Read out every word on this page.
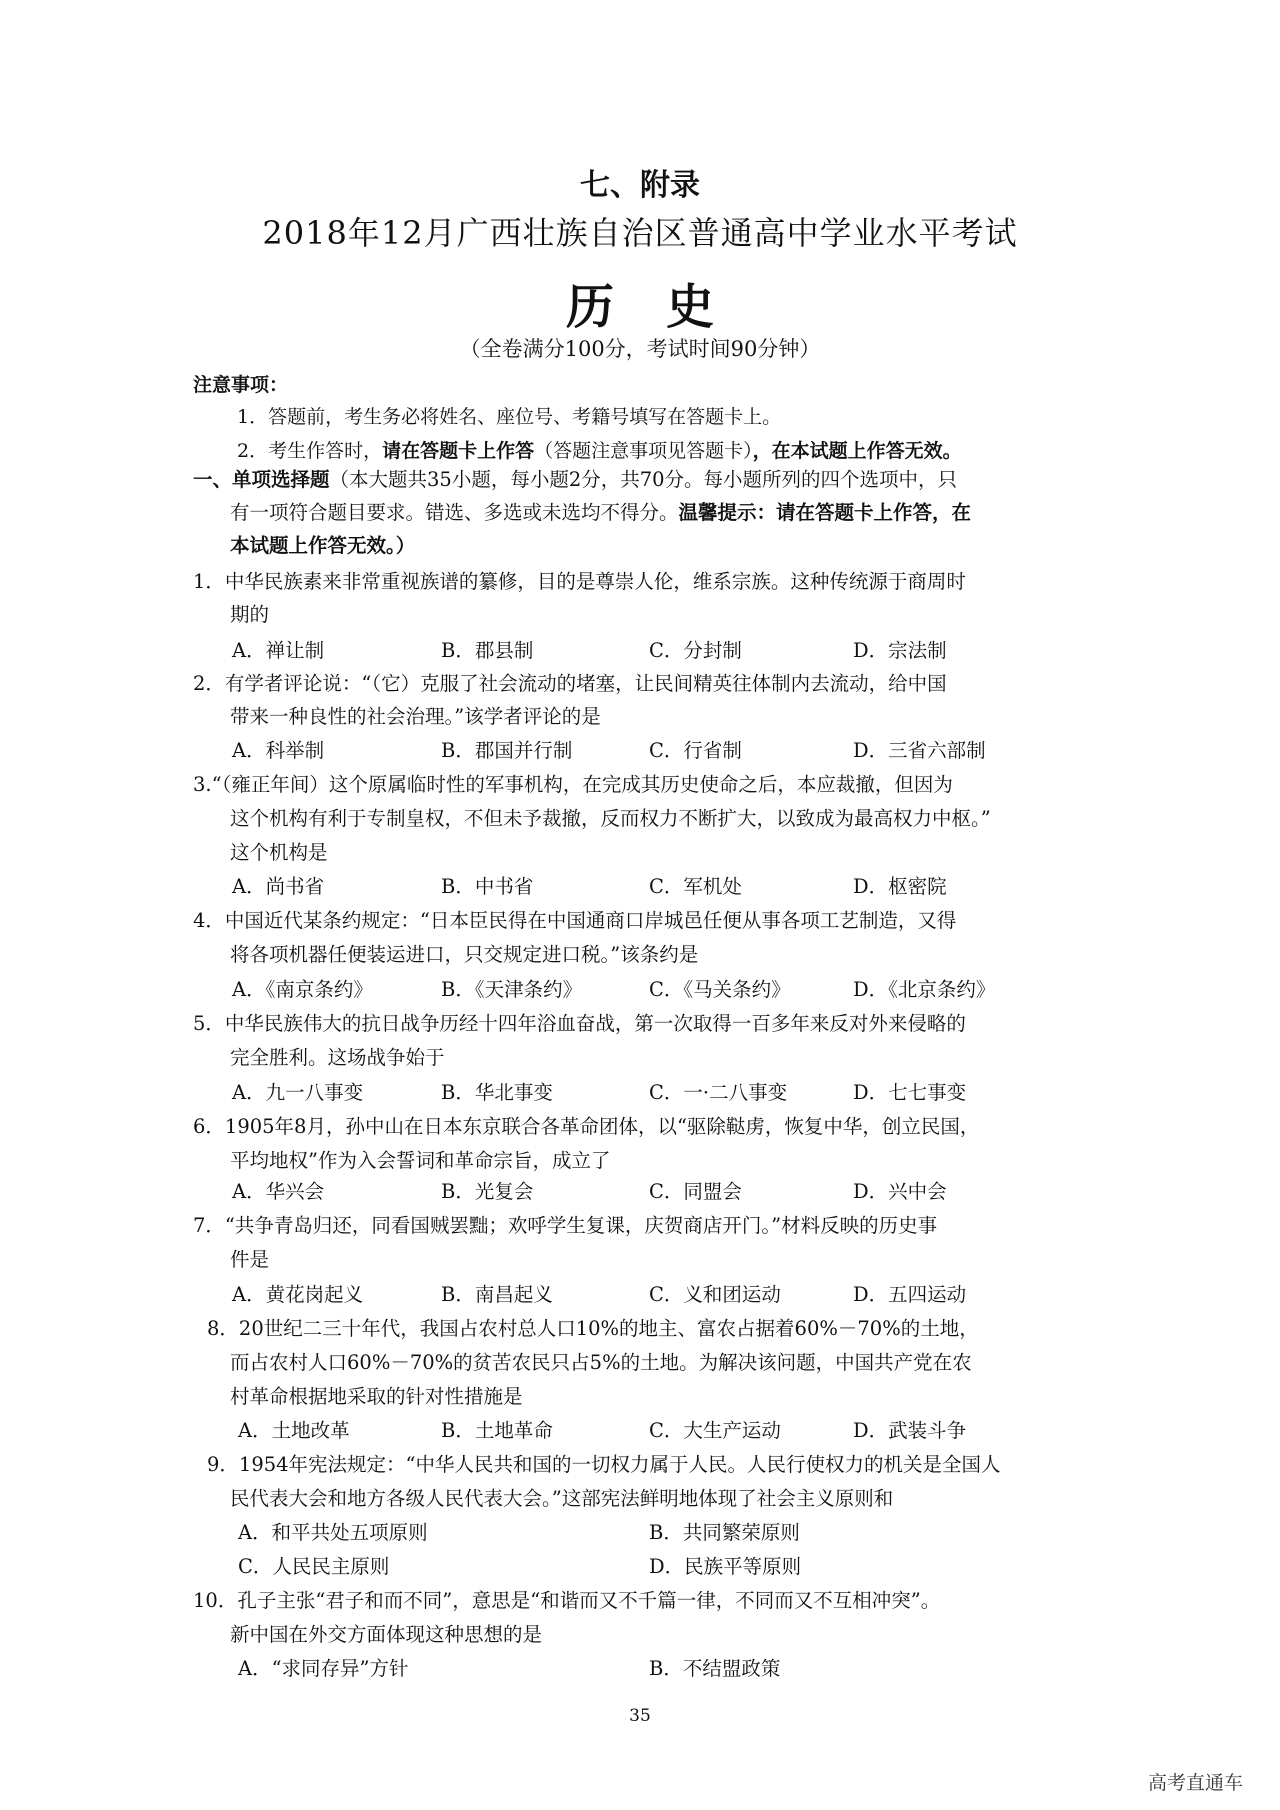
七、附录
2018年12月广西壮族自治区普通高中学业水平考试
历 史
（全卷满分100分，考试时间90分钟）
注意事项：
1．答题前，考生务必将姓名、座位号、考籍号填写在答题卡上。
2．考生作答时，请在答题卡上作答（答题注意事项见答题卡），在本试题上作答无效。
一、单项选择题（本大题共35小题，每小题2分，共70分。每小题所列的四个选项中，只
有一项符合题目要求。错选、多选或未选均不得分。温馨提示：请在答题卡上作答，在
本试题上作答无效。）
1．中华民族素来非常重视族谱的纂修，目的是尊崇人伦，维系宗族。这种传统源于商周时
期的
A．禅让制	B．郡县制	C．分封制	D．宗法制
2．有学者评论说：“（它）克服了社会流动的堵塞，让民间精英往体制内去流动，给中国
带来一种良性的社会治理。”该学者评论的是
A．科举制	B．郡国并行制	C．行省制	D．三省六部制
3.“（雍正年间）这个原属临时性的军事机构，在完成其历史使命之后，本应裁撤，但因为
这个机构有利于专制皇权，不但未予裁撤，反而权力不断扩大，以致成为最高权力中枢。”
这个机构是
A．尚书省	B．中书省	C．军机处	D．枢密院
4．中国近代某条约规定：“日本臣民得在中国通商口岸城邑任便从事各项工艺制造，又得
将各项机器任便装运进口，只交规定进口税。”该条约是
A．《南京条约》	B．《天津条约》	C．《马关条约》	D．《北京条约》
5．中华民族伟大的抗日战争历经十四年浴血奋战，第一次取得一百多年来反对外来侵略的
完全胜利。这场战争始于
A．九一八事变	B．华北事变	C．一·二八事变	D．七七事变
6．1905年8月，孙中山在日本东京联合各革命团体，以“驱除鞑虏，恢复中华，创立民国，
平均地权”作为入会誓词和革命宗旨，成立了
A．华兴会	B．光复会	C．同盟会	D．兴中会
7．“共争青岛归还，同看国贼罢黜；欢呼学生复课，庆贺商店开门。”材料反映的历史事
件是
A．黄花岗起义	B．南昌起义	C．义和团运动	D．五四运动
8．20世纪二三十年代，我国占农村总人口10%的地主、富农占据着60%－70%的土地，
而占农村人口60%－70%的贫苦农民只占5%的土地。为解决该问题，中国共产党在农
村革命根据地采取的针对性措施是
A．土地改革	B．土地革命	C．大生产运动	D．武装斗争
9．1954年宪法规定：“中华人民共和国的一切权力属于人民。人民行使权力的机关是全国人
民代表大会和地方各级人民代表大会。”这部宪法鲜明地体现了社会主义原则和
A．和平共处五项原则	B．共同繁荣原则
C．人民民主原则	D．民族平等原则
10．孔子主张“君子和而不同”，意思是“和谐而又不千篇一律，不同而又不互相冲突”。
新中国在外交方面体现这种思想的是
A．“求同存异”方针	B．不结盟政策
35
高考直通车
